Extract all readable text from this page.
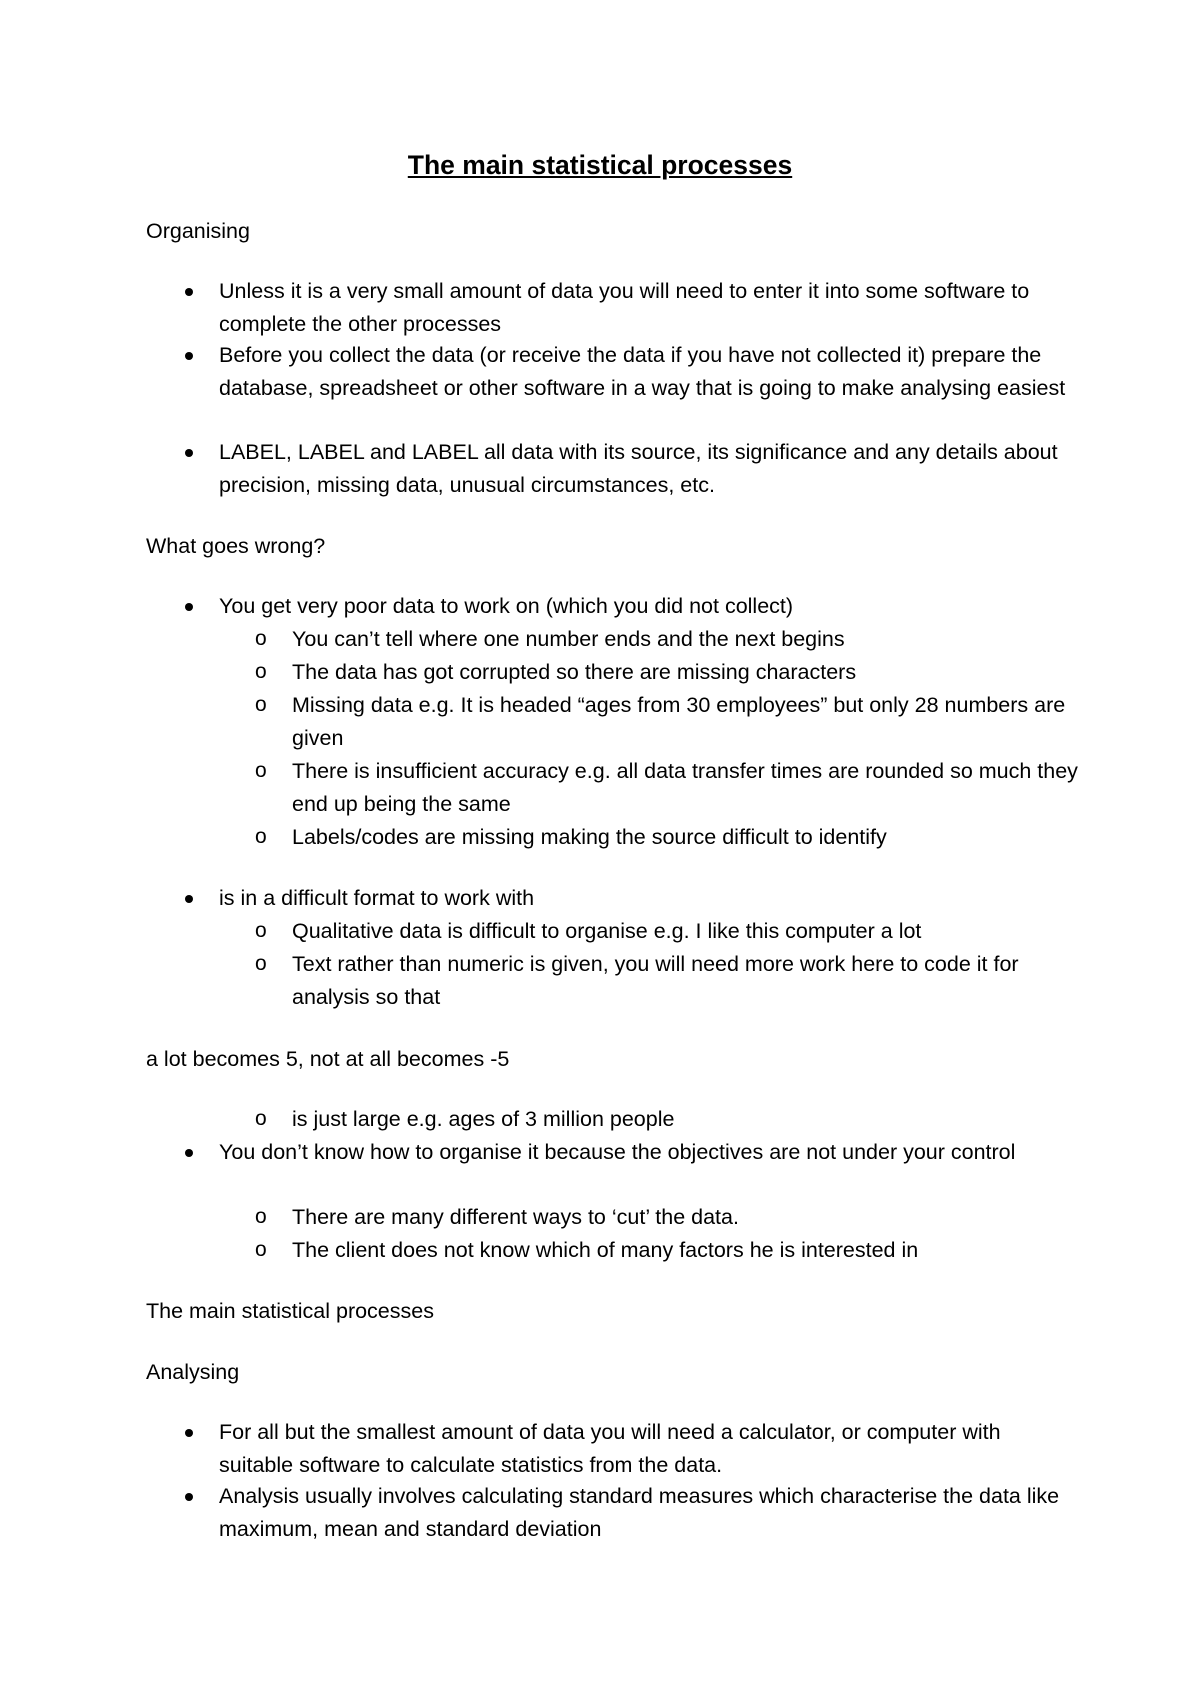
The main statistical processes
Organising
Unless it is a very small amount of data you will need to enter it into some software to complete the other processes
Before you collect the data (or receive the data if you have not collected it) prepare the database, spreadsheet or other software in a way that is going to make analysing easiest
LABEL, LABEL and LABEL all data with its source, its significance and any details about precision, missing data, unusual circumstances, etc.
What goes wrong?
You get very poor data to work on (which you did not collect)
o You can’t tell where one number ends and the next begins
o The data has got corrupted so there are missing characters
o Missing data e.g. It is headed “ages from 30 employees” but only 28 numbers are given
o There is insufficient accuracy e.g. all data transfer times are rounded so much they end up being the same
o Labels/codes are missing making the source difficult to identify
is in a difficult format to work with
o Qualitative data is difficult to organise e.g. I like this computer a lot
o Text rather than numeric is given, you will need more work here to code it for analysis so that
a lot becomes 5, not at all becomes -5
o is just large e.g. ages of 3 million people
You don’t know how to organise it because the objectives are not under your control
o There are many different ways to ‘cut’ the data.
o The client does not know which of many factors he is interested in
The main statistical processes
Analysing
For all but the smallest amount of data you will need a calculator, or computer with suitable software to calculate statistics from the data.
Analysis usually involves calculating standard measures which characterise the data like maximum, mean and standard deviation
